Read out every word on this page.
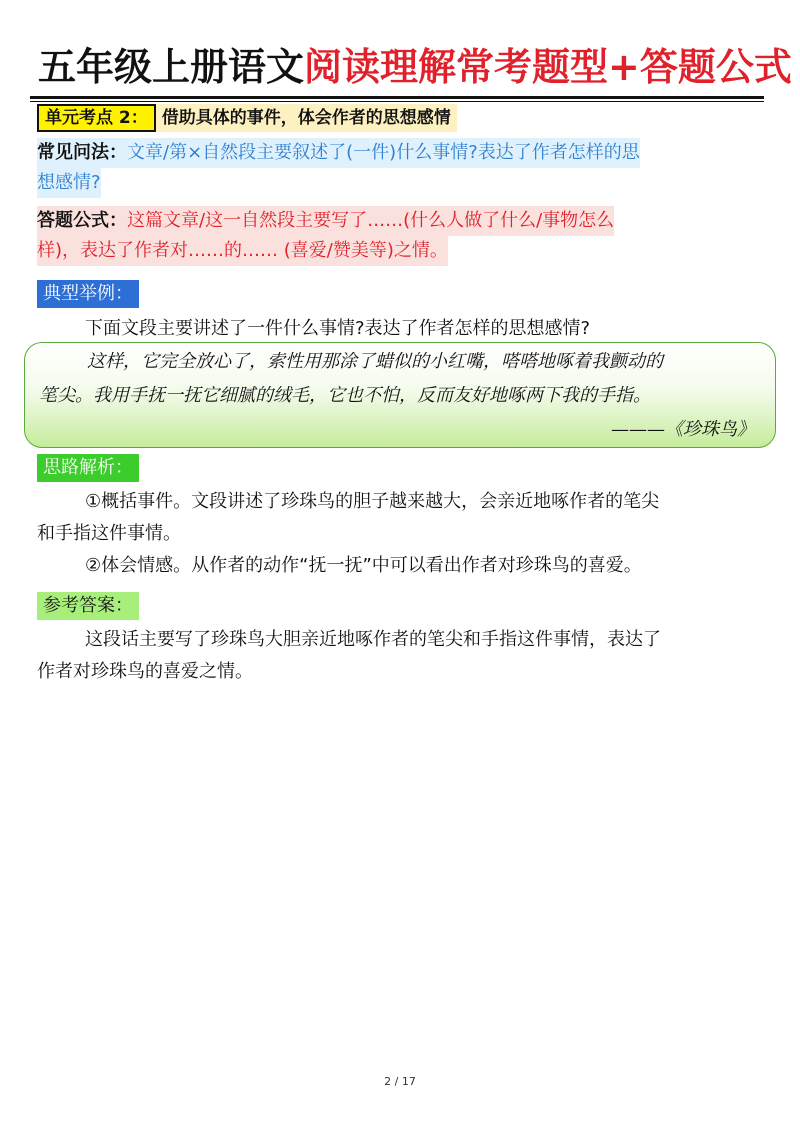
五年级上册语文阅读理解常考题型+答题公式
单元考点 2： 借助具体的事件，体会作者的思想感情
常见问法：文章/第×自然段主要叙述了(一件)什么事情?表达了作者怎样的思
想感情?
答题公式：这篇文章/这一自然段主要写了……(什么人做了什么/事物怎么
样)，表达了作者对……的…… (喜爱/赞美等)之情。
典型举例：
下面文段主要讲述了一件什么事情?表达了作者怎样的思想感情?
这样，它完全放心了，索性用那涂了蜡似的小红嘴，嗒嗒地啄着我颤动的
笔尖。我用手抚一抚它细腻的绒毛，它也不怕，反而友好地啄两下我的手指。
———《珍珠鸟》
思路解析：
①概括事件。文段讲述了珍珠鸟的胆子越来越大，会亲近地啄作者的笔尖
和手指这件事情。
②体会情感。从作者的动作“抚一抚”中可以看出作者对珍珠鸟的喜爱。
参考答案：
这段话主要写了珍珠鸟大胆亲近地啄作者的笔尖和手指这件事情，表达了
作者对珍珠鸟的喜爱之情。
2 / 17
